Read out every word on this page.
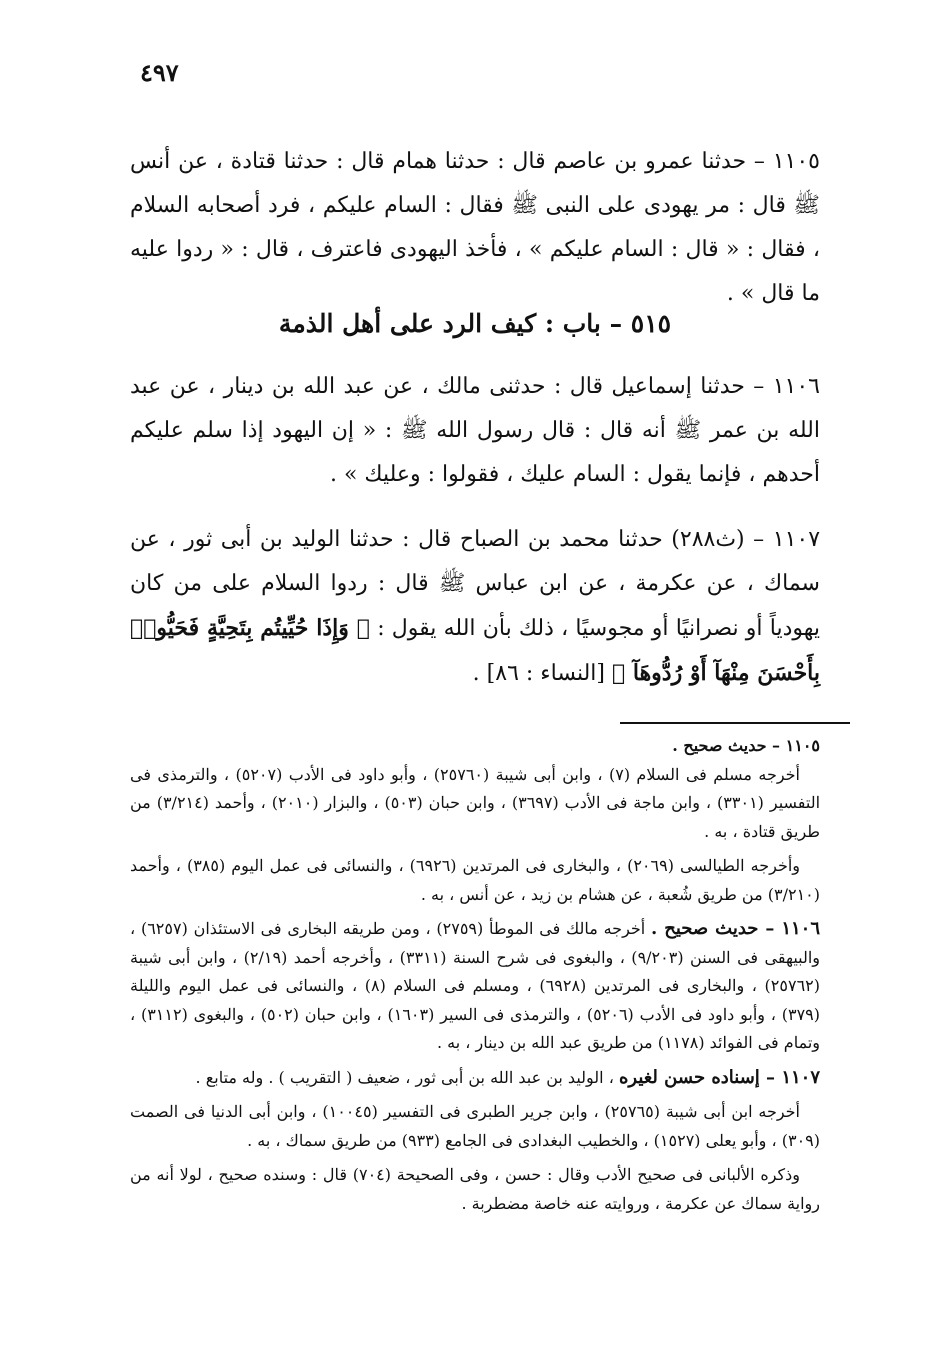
٤٩٧

١١٠٥ – حدثنا عمرو بن عاصم قال : حدثنا همام قال : حدثنا قتادة ، عن أنس ﷺ قال : مر يهودى على النبى ﷺ فقال : السام عليكم ، فرد أصحابه السلام ، فقال : « قال : السام عليكم » ، فأخذ اليهودى فاعترف ، قال : « ردوا عليه ما قال » .

٥١٥ – باب : كيف الرد على أهل الذمة

١١٠٦ – حدثنا إسماعيل قال : حدثنى مالك ، عن عبد الله بن دينار ، عن عبد الله بن عمر ﷺ أنه قال : قال رسول الله ﷺ : « إن اليهود إذا سلم عليكم أحدهم ، فإنما يقول : السام عليك ، فقولوا : وعليك » .

١١٠٧ – (ث٢٨٨) حدثنا محمد بن الصباح قال : حدثنا الوليد بن أبى ثور ، عن سماك ، عن عكرمة ، عن ابن عباس ﷺ قال : ردوا السلام على من كان يهودياً أو نصرانيًا أو مجوسيًا ، ذلك بأن الله يقول : ﴿ وَإِذَا حُيِّيتُم بِتَحِيَّةٍ فَحَيُّوا۟ بِأَحْسَنَ مِنْهَآ أَوْ رُدُّوهَآ ﴾ [النساء : ٨٦] .

١١٠٥ – حديث صحيح .

أخرجه مسلم فى السلام (٧) ، وابن أبى شيبة (٢٥٧٦٠) ، وأبو داود فى الأدب (٥٢٠٧) ، والترمذى فى التفسير (٣٣٠١) ، وابن ماجة فى الأدب (٣٦٩٧) ، وابن حبان (٥٠٣) ، والبزار (٢٠١٠) ، وأحمد (٣/٢١٤) من طريق قتادة ، به .

وأخرجه الطيالسى (٢٠٦٩) ، والبخارى فى المرتدين (٦٩٢٦) ، والنسائى فى عمل اليوم (٣٨٥) ، وأحمد (٣/٢١٠) من طريق شُعبة ، عن هشام بن زيد ، عن أنس ، به .

١١٠٦ – حديث صحيح . أخرجه مالك فى الموطأ (٢٧٥٩) ، ومن طريقه البخارى فى الاستئذان (٦٢٥٧) ، والبيهقى فى السنن (٩/٢٠٣) ، والبغوى فى شرح السنة (٣٣١١) ، وأخرجه أحمد (٢/١٩) ، وابن أبى شيبة (٢٥٧٦٢) ، والبخارى فى المرتدين (٦٩٢٨) ، ومسلم فى السلام (٨) ، والنسائى فى عمل اليوم والليلة (٣٧٩) ، وأبو داود فى الأدب (٥٢٠٦) ، والترمذى فى السير (١٦٠٣) ، وابن حبان (٥٠٢) ، والبغوى (٣١١٢) ، وتمام فى الفوائد (١١٧٨) من طريق عبد الله بن دينار ، به .

١١٠٧ – إسناده حسن لغيره ، الوليد بن عبد الله بن أبى ثور ، ضعيف ( التقريب ) . وله متابع .

أخرجه ابن أبى شيبة (٢٥٧٦٥) ، وابن جرير الطبرى فى التفسير (١٠٠٤٥) ، وابن أبى الدنيا فى الصمت (٣٠٩) ، وأبو يعلى (١٥٢٧) ، والخطيب البغدادى فى الجامع (٩٣٣) من طريق سماك ، به .

وذكره الألبانى فى صحيح الأدب وقال : حسن ، وفى الصحيحة (٧٠٤) قال : وسنده صحيح ، لولا أنه من رواية سماك عن عكرمة ، وروايته عنه خاصة مضطربة .
